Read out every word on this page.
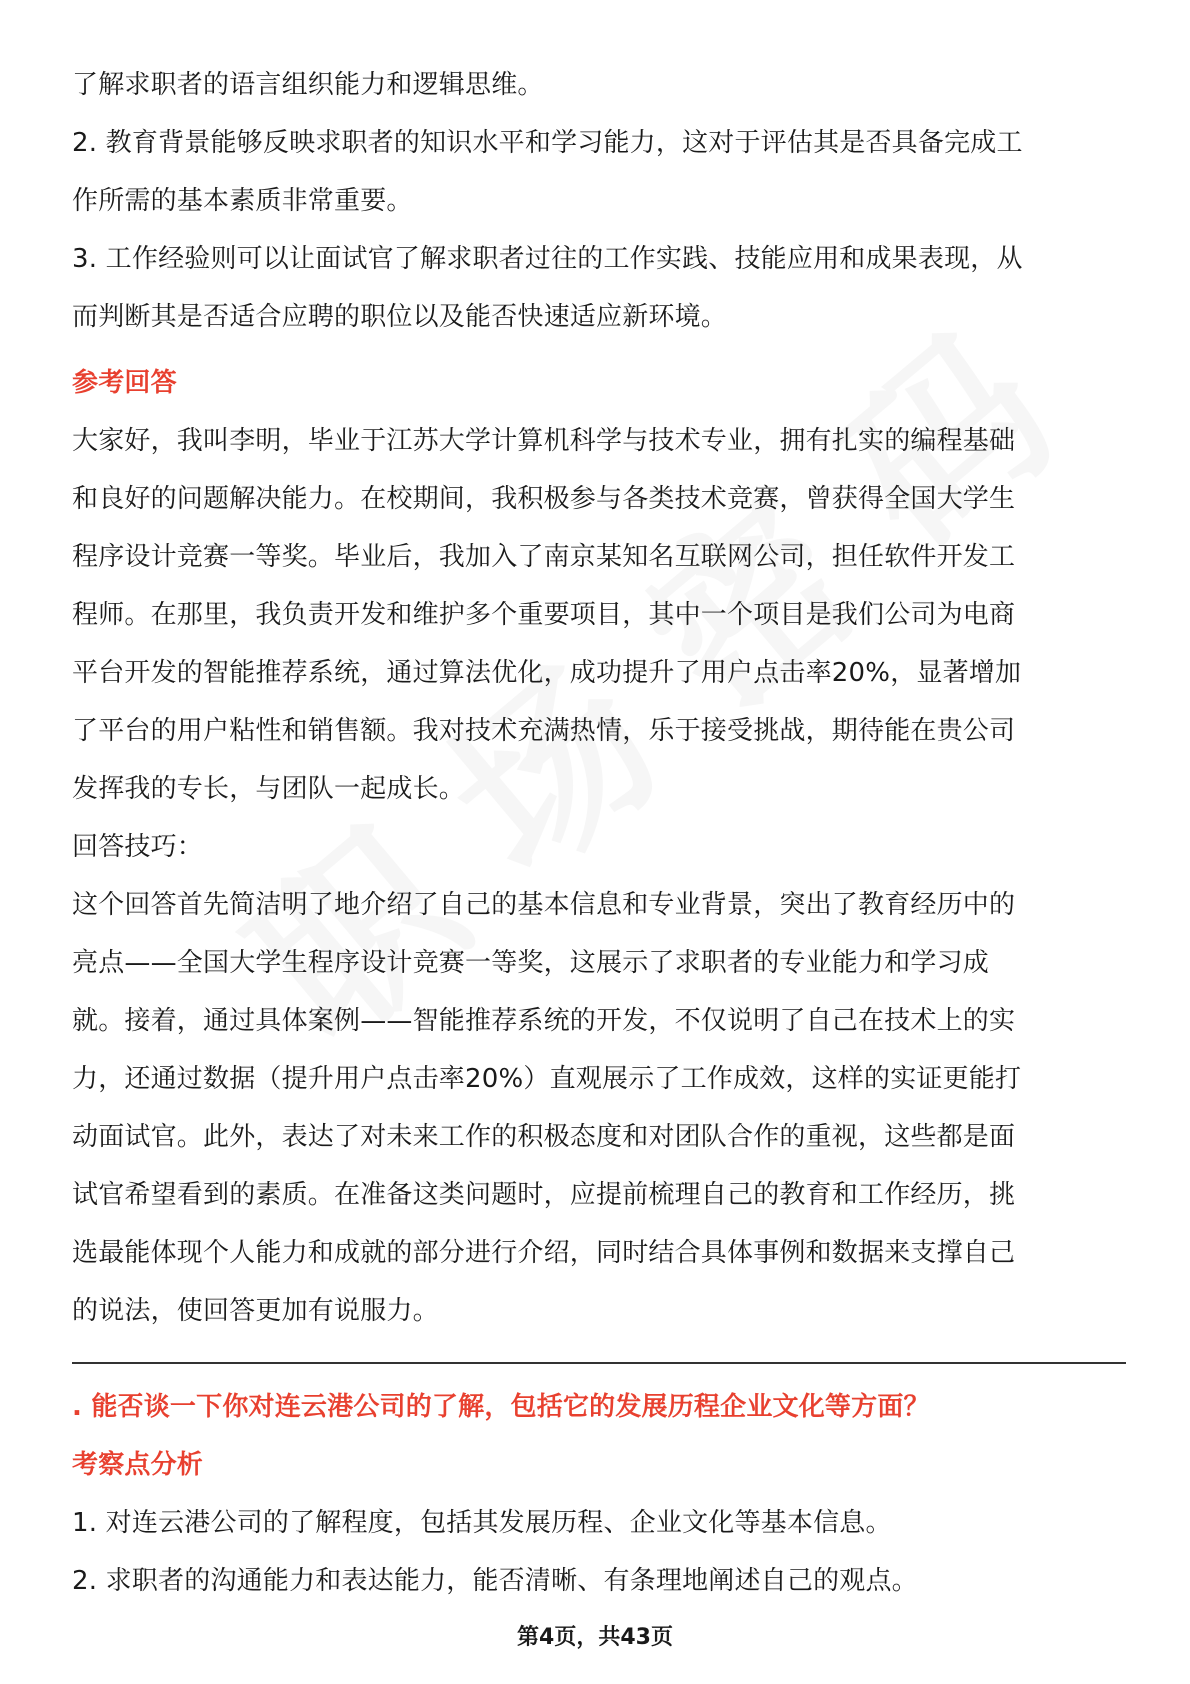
了解求职者的语言组织能力和逻辑思维。
2. 教育背景能够反映求职者的知识水平和学习能力，这对于评估其是否具备完成工
作所需的基本素质非常重要。
3. 工作经验则可以让面试官了解求职者过往的工作实践、技能应用和成果表现，从
而判断其是否适合应聘的职位以及能否快速适应新环境。
参考回答
大家好，我叫李明，毕业于江苏大学计算机科学与技术专业，拥有扎实的编程基础
和良好的问题解决能力。在校期间，我积极参与各类技术竞赛，曾获得全国大学生
程序设计竞赛一等奖。毕业后，我加入了南京某知名互联网公司，担任软件开发工
程师。在那里，我负责开发和维护多个重要项目，其中一个项目是我们公司为电商
平台开发的智能推荐系统，通过算法优化，成功提升了用户点击率20%，显著增加
了平台的用户粘性和销售额。我对技术充满热情，乐于接受挑战，期待能在贵公司
发挥我的专长，与团队一起成长。
回答技巧：
这个回答首先简洁明了地介绍了自己的基本信息和专业背景，突出了教育经历中的
亮点——全国大学生程序设计竞赛一等奖，这展示了求职者的专业能力和学习成
就。接着，通过具体案例——智能推荐系统的开发，不仅说明了自己在技术上的实
力，还通过数据（提升用户点击率20%）直观展示了工作成效，这样的实证更能打
动面试官。此外，表达了对未来工作的积极态度和对团队合作的重视，这些都是面
试官希望看到的素质。在准备这类问题时，应提前梳理自己的教育和工作经历，挑
选最能体现个人能力和成就的部分进行介绍，同时结合具体事例和数据来支撑自己
的说法，使回答更加有说服力。
. 能否谈一下你对连云港公司的了解，包括它的发展历程企业文化等方面？
考察点分析
1. 对连云港公司的了解程度，包括其发展历程、企业文化等基本信息。
2. 求职者的沟通能力和表达能力，能否清晰、有条理地阐述自己的观点。
第4页，共43页
